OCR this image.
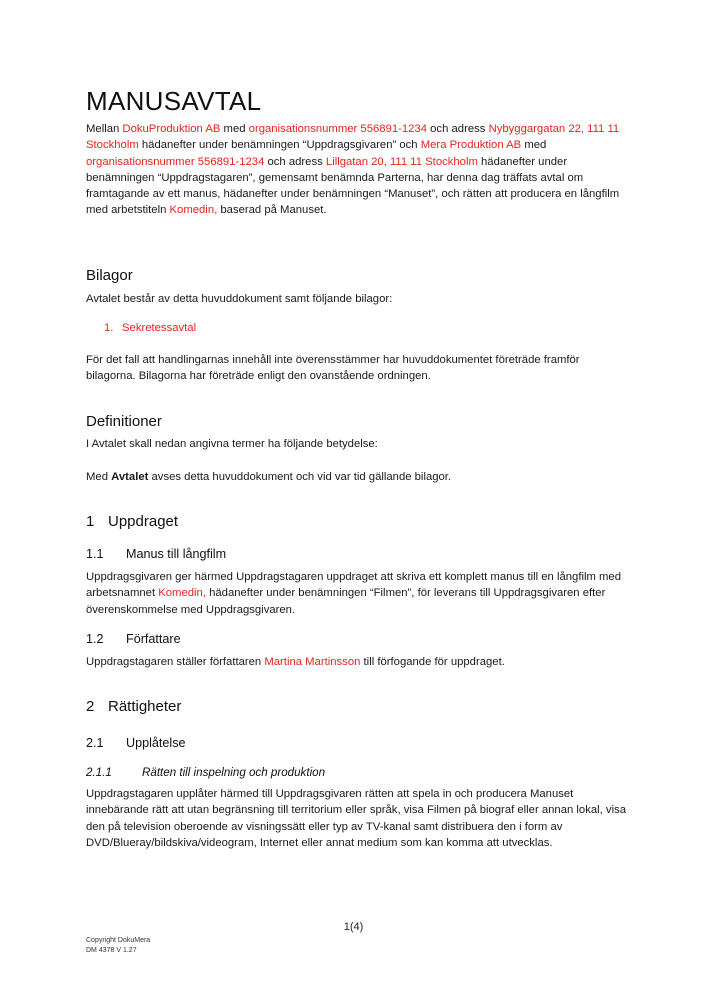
MANUSAVTAL

Mellan DokuProduktion AB med organisationsnummer 556891-1234 och adress Nybyggargatan 22, 111 11 Stockholm hädanefter under benämningen “Uppdragsgivaren” och Mera Produktion AB med organisationsnummer 556891-1234 och adress Lillgatan 20, 111 11 Stockholm hädanefter under benämningen “Uppdragstagaren”, gemensamt benämnda Parterna, har denna dag träffats avtal om framtagande av ett manus, hädanefter under benämningen “Manuset”, och rätten att producera en långfilm med arbetstiteln Komedin, baserad på Manuset.

Bilagor

Avtalet består av detta huvuddokument samt följande bilagor:

1. Sekretessavtal

För det fall att handlingarnas innehåll inte överensstämmer har huvuddokumentet företräde framför bilagorna. Bilagorna har företräde enligt den ovanstående ordningen.

Definitioner

I Avtalet skall nedan angivna termer ha följande betydelse:

Med Avtalet avses detta huvuddokument och vid var tid gällande bilagor.

1 Uppdraget
1.1 Manus till långfilm

Uppdragsgivaren ger härmed Uppdragstagaren uppdraget att skriva ett komplett manus till en långfilm med arbetsnamnet Komedin, hädanefter under benämningen “Filmen”, för leverans till Uppdragsgivaren efter överenskommelse med Uppdragsgivaren.

1.2 Författare

Uppdragstagaren ställer författaren Martina Martinsson till förfogande för uppdraget.

2 Rättigheter
2.1 Upplåtelse
2.1.1	Rätten till inspelning och produktion

Uppdragstagaren upplåter härmed till Uppdragsgivaren rätten att spela in och producera Manuset innebärande rätt att utan begränsning till territorium eller språk, visa Filmen på biograf eller annan lokal, visa den på television oberoende av visningssätt eller typ av TV-kanal samt distribuera den i form av DVD/Blueray/bildskiva/videogram, Internet eller annat medium som kan komma att utvecklas.

1(4)

Copyright DokuMera

DM 4378 V 1.27
